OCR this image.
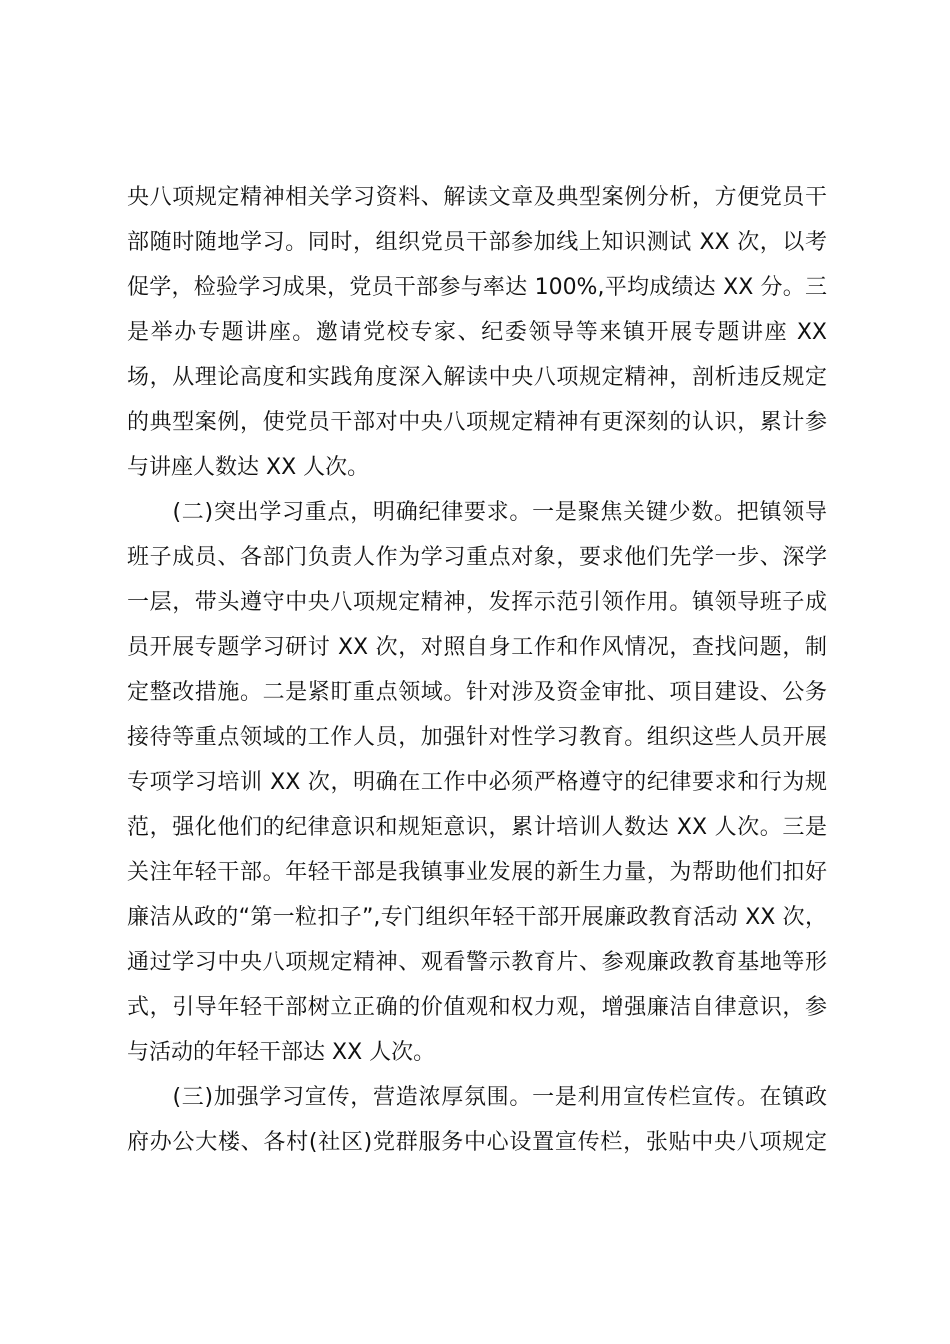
央八项规定精神相关学习资料、解读文章及典型案例分析，方便党员干
部随时随地学习。同时，组织党员干部参加线上知识测试 XX 次，以考
促学，检验学习成果，党员干部参与率达 100%,平均成绩达 XX 分。三
是举办专题讲座。邀请党校专家、纪委领导等来镇开展专题讲座 XX
场，从理论高度和实践角度深入解读中央八项规定精神，剖析违反规定
的典型案例，使党员干部对中央八项规定精神有更深刻的认识，累计参
与讲座人数达 XX 人次。
　　(二)突出学习重点，明确纪律要求。一是聚焦关键少数。把镇领导
班子成员、各部门负责人作为学习重点对象，要求他们先学一步、深学
一层，带头遵守中央八项规定精神，发挥示范引领作用。镇领导班子成
员开展专题学习研讨 XX 次，对照自身工作和作风情况，查找问题，制
定整改措施。二是紧盯重点领域。针对涉及资金审批、项目建设、公务
接待等重点领域的工作人员，加强针对性学习教育。组织这些人员开展
专项学习培训 XX 次，明确在工作中必须严格遵守的纪律要求和行为规
范，强化他们的纪律意识和规矩意识，累计培训人数达 XX 人次。三是
关注年轻干部。年轻干部是我镇事业发展的新生力量，为帮助他们扣好
廉洁从政的“第一粒扣子”,专门组织年轻干部开展廉政教育活动 XX 次，
通过学习中央八项规定精神、观看警示教育片、参观廉政教育基地等形
式，引导年轻干部树立正确的价值观和权力观，增强廉洁自律意识，参
与活动的年轻干部达 XX 人次。
　　(三)加强学习宣传，营造浓厚氛围。一是利用宣传栏宣传。在镇政
府办公大楼、各村(社区)党群服务中心设置宣传栏，张贴中央八项规定
